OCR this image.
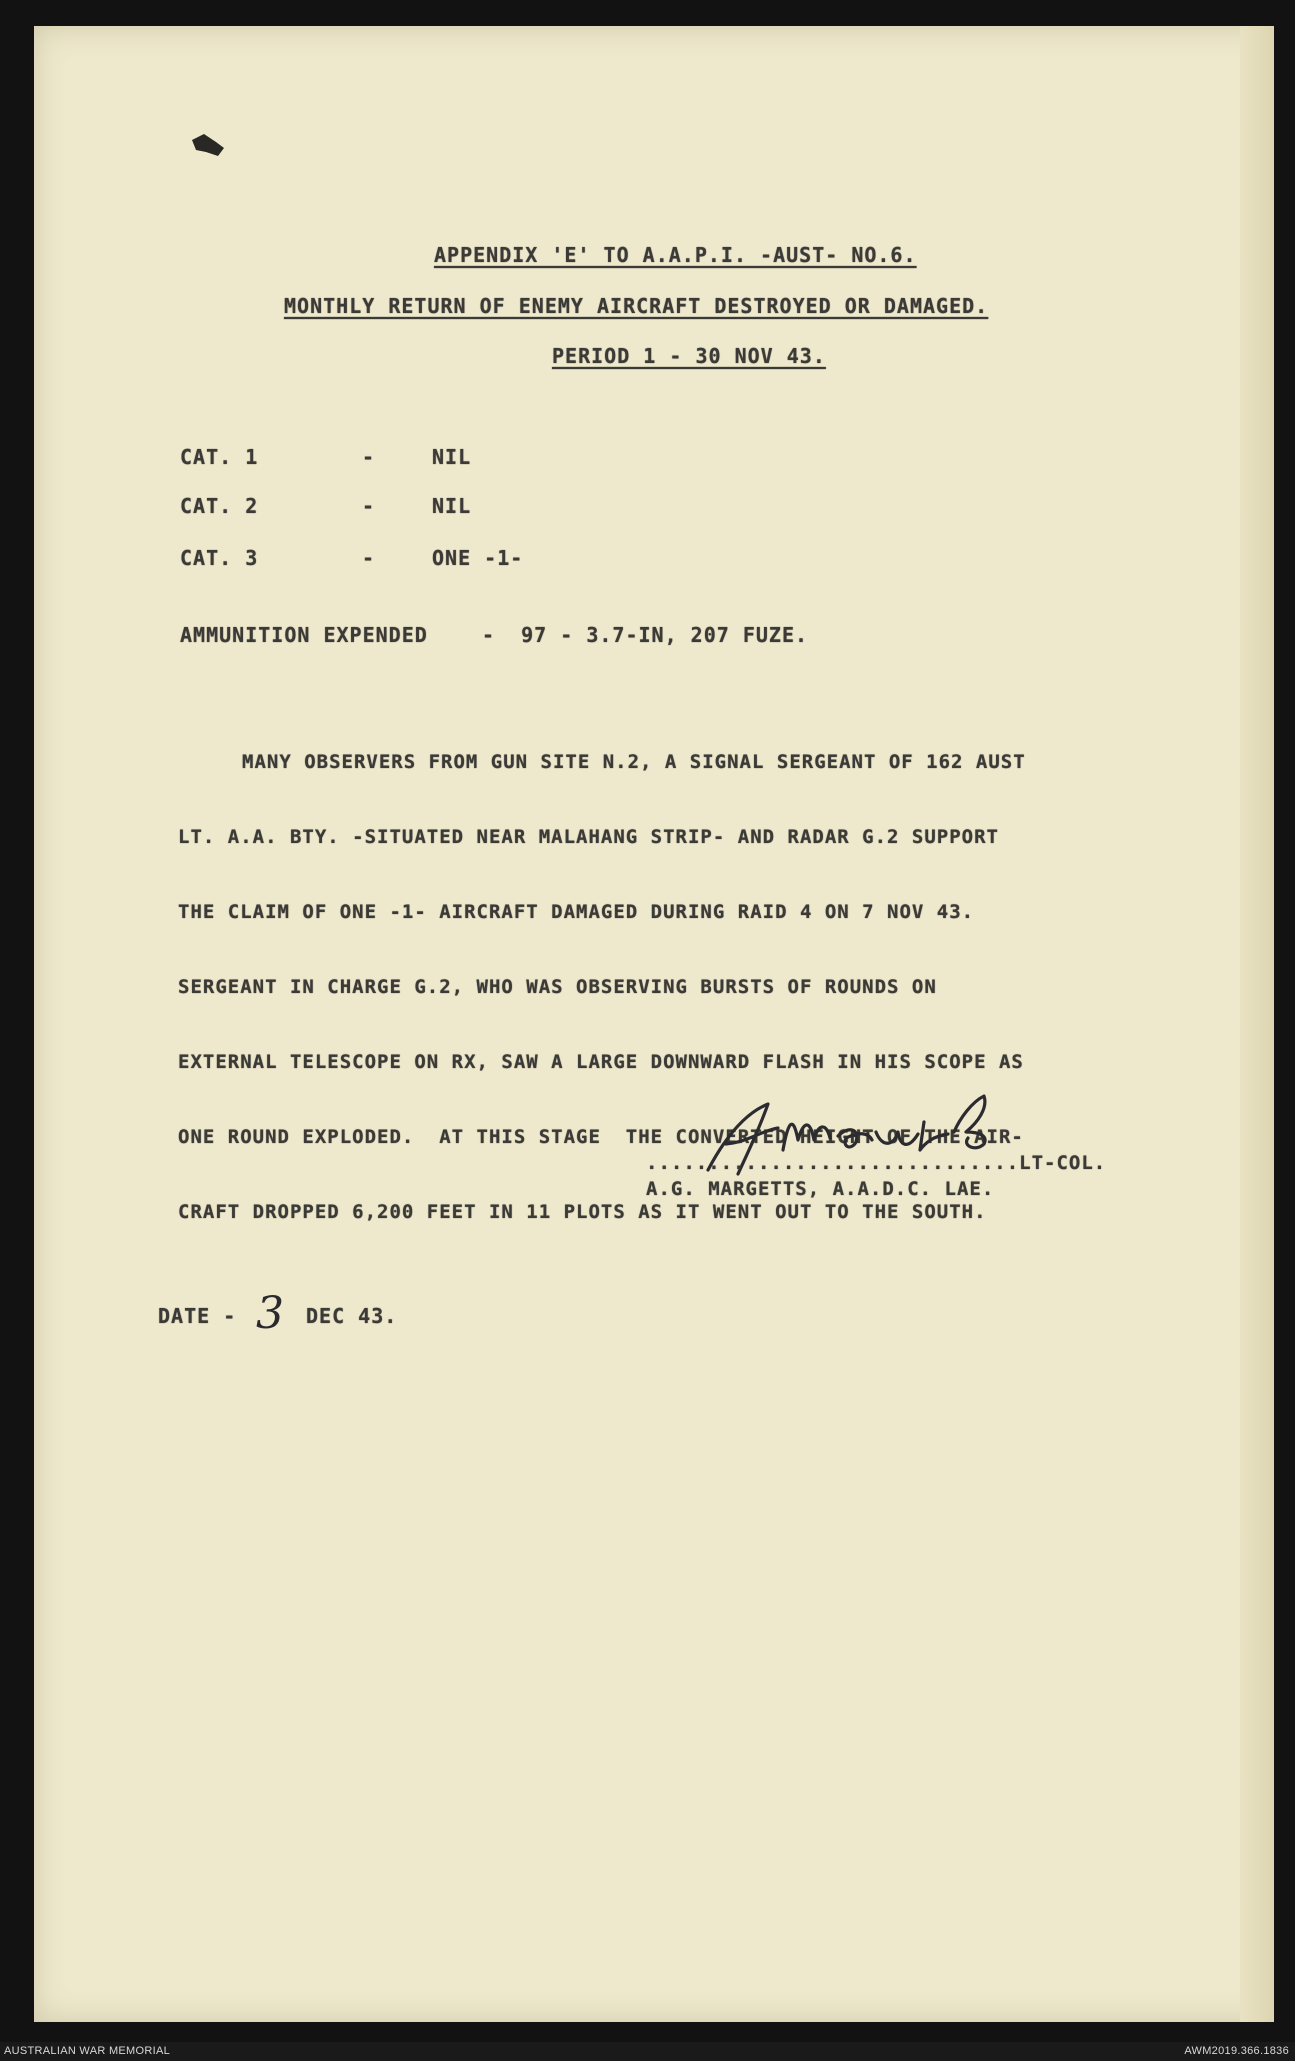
APPENDIX 'E' TO A.A.P.I. -AUST- NO.6.
MONTHLY RETURN OF ENEMY AIRCRAFT DESTROYED OR DAMAGED.
PERIOD 1 - 30 NOV 43.
CAT. 1	-	NIL
CAT. 2	-	NIL
CAT. 3	-	ONE -1-
AMMUNITION EXPENDED	-  97 - 3.7-IN, 207 FUZE.

MANY OBSERVERS FROM GUN SITE N.2, A SIGNAL SERGEANT OF 162 AUST

LT. A.A. BTY. -SITUATED NEAR MALAHANG STRIP- AND RADAR G.2 SUPPORT

THE CLAIM OF ONE -1- AIRCRAFT DAMAGED DURING RAID 4 ON 7 NOV 43.

SERGEANT IN CHARGE G.2, WHO WAS OBSERVING BURSTS OF ROUNDS ON

EXTERNAL TELESCOPE ON RX, SAW A LARGE DOWNWARD FLASH IN HIS SCOPE AS

ONE ROUND EXPLODED.  AT THIS STAGE  THE CONVERTED HEIGHT OF THE AIR-

CRAFT DROPPED 6,200 FEET IN 11 PLOTS AS IT WENT OUT TO THE SOUTH.

..............................LT-COL.
A.G. MARGETTS, A.A.D.C. LAE.
DATE - 3 DEC 43.
AUSTRALIAN WAR MEMORIAL	AWM2019.366.1836
